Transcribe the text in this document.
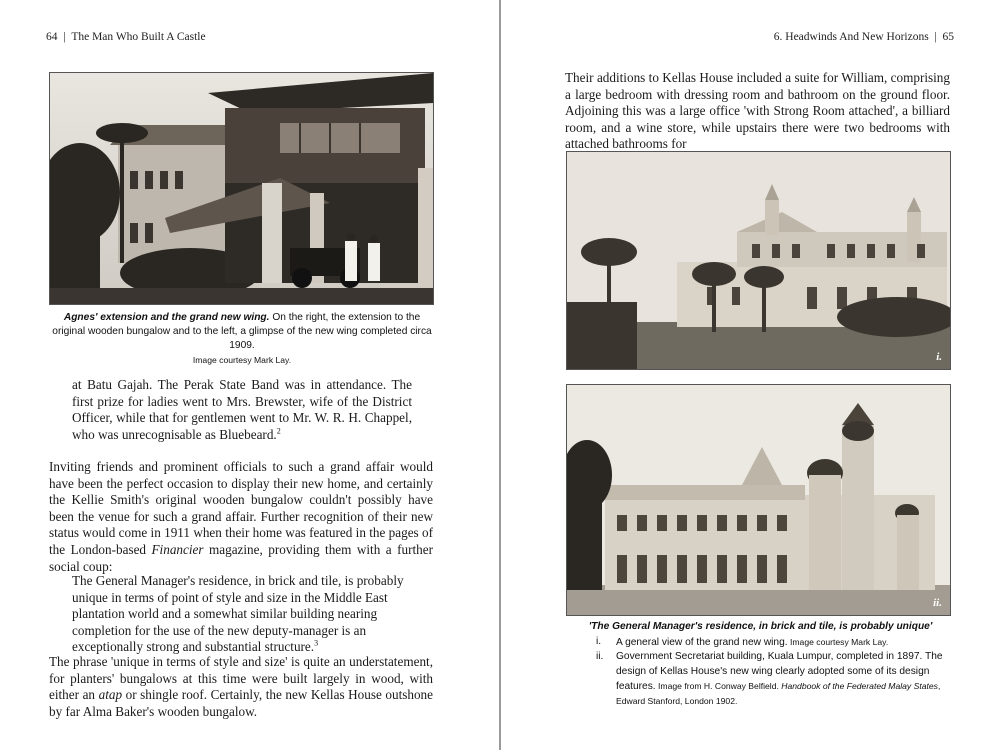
64 | The Man Who Built A Castle
Agnes' extension and the grand new wing. On the right, the extension to the original wooden bungalow and to the left, a glimpse of the new wing completed circa 1909.
Image courtesy Mark Lay.

at Batu Gajah. The Perak State Band was in attendance. The first prize for ladies went to Mrs. Brewster, wife of the District Officer, while that for gentlemen went to Mr. W. R. H. Chappel, who was unrecognisable as Bluebeard.$^2$

Inviting friends and prominent officials to such a grand affair would have been the perfect occasion to display their new home, and certainly the Kellie Smith's original wooden bungalow couldn't possibly have been the venue for such a grand affair. Further recognition of their new status would come in 1911 when their home was featured in the pages of the London-based Financier magazine, providing them with a further social coup:

The General Manager's residence, in brick and tile, is probably unique in terms of point of style and size in the Middle East plantation world and a somewhat similar building nearing completion for the use of the new deputy-manager is an exceptionally strong and substantial structure.$^3$

The phrase 'unique in terms of style and size' is quite an understatement, for planters' bungalows at this time were built largely in wood, with either an atap or shingle roof. Certainly, the new Kellas House outshone by far Alma Baker's wooden bungalow.

6. Headwinds And New Horizons | 65

Their additions to Kellas House included a suite for William, comprising a large bedroom with dressing room and bathroom on the ground floor. Adjoining this was a large office 'with Strong Room attached', a billiard room, and a wine store, while upstairs there were two bedrooms with attached bathrooms for

i.
ii.
'The General Manager's residence, in brick and tile, is probably unique'
i. A general view of the grand new wing. Image courtesy Mark Lay.
ii. Government Secretariat building, Kuala Lumpur, completed in 1897. The design of Kellas House's new wing clearly adopted some of its design features. Image from H. Conway Belfield. Handbook of the Federated Malay States, Edward Stanford, London 1902.
